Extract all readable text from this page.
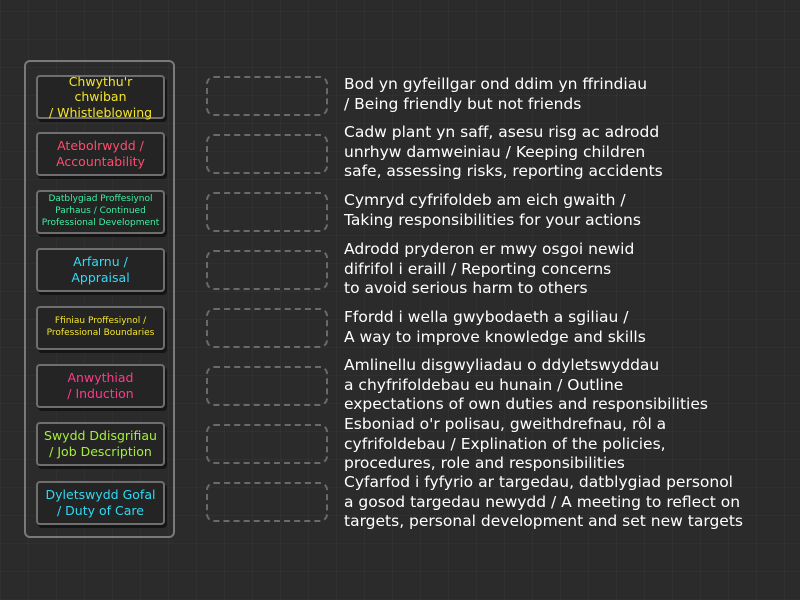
Chwythu'r chwiban
/ Whistleblowing
Atebolrwydd /
Accountability
Datblygiad Proffesiynol
Parhaus / Continued
Professional Development
Arfarnu /
Appraisal
Ffiniau Proffesiynol /
Professional Boundaries
Anwythiad
/ Induction
Swydd Ddisgrifiau
/ Job Description
Dyletswydd Gofal
/ Duty of Care
Bod yn gyfeillgar ond ddim yn ffrindiau
/ Being friendly but not friends
Cadw plant yn saff, asesu risg ac adrodd
unrhyw damweiniau / Keeping children
safe, assessing risks, reporting accidents
Cymryd cyfrifoldeb am eich gwaith /
Taking responsibilities for your actions
Adrodd pryderon er mwy osgoi newid
difrifol i eraill / Reporting concerns
to avoid serious harm to others
Ffordd i wella gwybodaeth a sgiliau /
A way to improve knowledge and skills
Amlinellu disgwyliadau o ddyletswyddau
a chyfrifoldebau eu hunain / Outline
expectations of own duties and responsibilities
Esboniad o'r polisau, gweithdrefnau, rôl a
cyfrifoldebau / Explination of the policies,
procedures, role and responsibilities
Cyfarfod i fyfyrio ar targedau, datblygiad personol
a gosod targedau newydd / A meeting to reflect on
targets, personal development and set new targets
